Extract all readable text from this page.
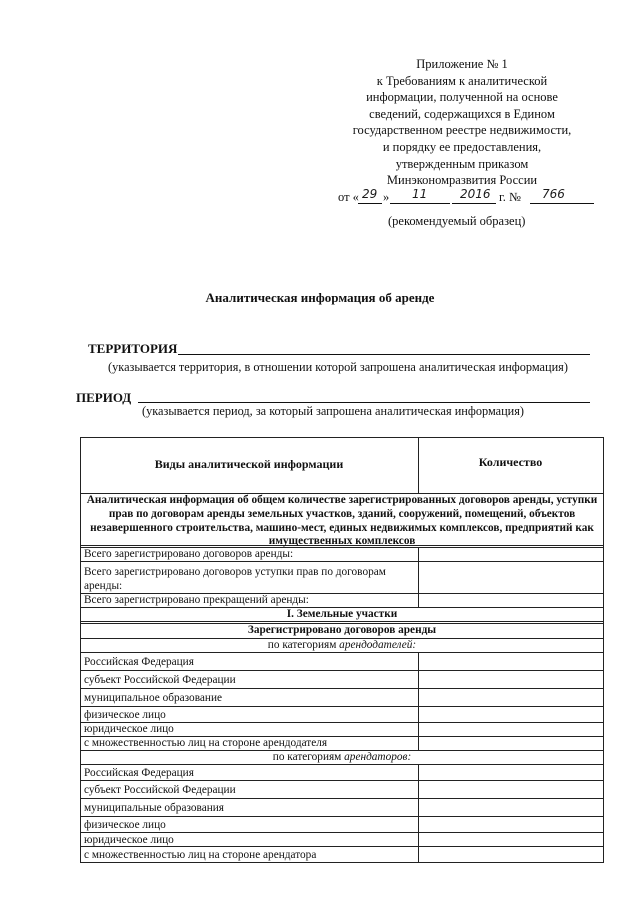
Приложение № 1
к Требованиям к аналитической
информации, полученной на основе
сведений, содержащихся в Едином
государственном реестре недвижимости,
и порядку ее предоставления,
утвержденным приказом
Минэкономразвития России
от « 29 » 11	2016 г. № 766
(рекомендуемый образец)
Аналитическая информация об аренде
ТЕРРИТОРИЯ
(указывается территория, в отношении которой запрошена аналитическая информация)
ПЕРИОД
(указывается период, за который запрошена аналитическая информация)
Виды аналитической информации	Количество
Аналитическая информация об общем количестве зарегистрированных договоров аренды, уступки прав по договорам аренды земельных участков, зданий, сооружений, помещений, объектов незавершенного строительства, машино-мест, единых недвижимых комплексов, предприятий как имущественных комплексов
Всего зарегистрировано договоров аренды:
Всего зарегистрировано договоров уступки прав по договорам
аренды:
Всего зарегистрировано прекращений аренды:
I. Земельные участки
Зарегистрировано договоров аренды
по категориям арендодателей:
Российская Федерация
субъект Российской Федерации
муниципальное образование
физическое лицо
юридическое лицо
с множественностью лиц на стороне арендодателя
по категориям арендаторов:
Российская Федерация
субъект Российской Федерации
муниципальные образования
физическое лицо
юридическое лицо
с множественностью лиц на стороне арендатора
